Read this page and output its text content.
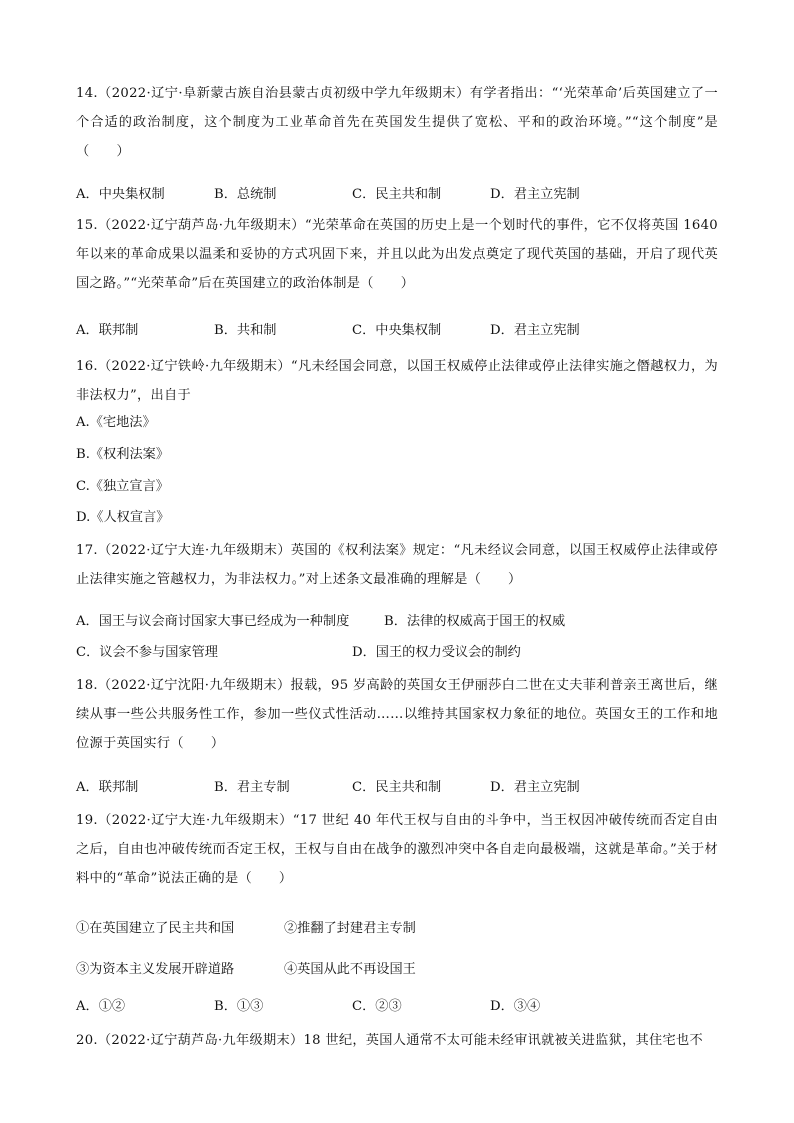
14.（2022·辽宁·阜新蒙古族自治县蒙古贞初级中学九年级期末）有学者指出：“‘光荣革命’后英国建立了一个合适的政治制度，这个制度为工业革命首先在英国发生提供了宽松、平和的政治环境。”“这个制度”是（　　）
A．中央集权制	B．总统制	C．民主共和制	D．君主立宪制
15.（2022·辽宁葫芦岛·九年级期末）“光荣革命在英国的历史上是一个划时代的事件，它不仅将英国 1640 年以来的革命成果以温柔和妥协的方式巩固下来，并且以此为出发点奠定了现代英国的基础，开启了现代英国之路。”“光荣革命”后在英国建立的政治体制是（　　）
A．联邦制	B．共和制	C．中央集权制	D．君主立宪制
16.（2022·辽宁铁岭·九年级期末）“凡未经国会同意，以国王权威停止法律或停止法律实施之僭越权力，为非法权力”，出自于
A.《宅地法》
B.《权利法案》
C.《独立宣言》
D.《人权宣言》
17.（2022·辽宁大连·九年级期末）英国的《权利法案》规定：“凡未经议会同意，以国王权威停止法律或停止法律实施之管越权力，为非法权力。”对上述条文最准确的理解是（　　）
A．国王与议会商讨国家大事已经成为一种制度	B．法律的权威高于国王的权威
C．议会不参与国家管理	D．国王的权力受议会的制约
18.（2022·辽宁沈阳·九年级期末）报载，95 岁高龄的英国女王伊丽莎白二世在丈夫菲利普亲王离世后，继续从事一些公共服务性工作，参加一些仪式性活动……以维持其国家权力象征的地位。英国女王的工作和地位源于英国实行（　　）
A．联邦制	B．君主专制	C．民主共和制	D．君主立宪制
19.（2022·辽宁大连·九年级期末）“17 世纪 40 年代王权与自由的斗争中，当王权因冲破传统而否定自由之后，自由也冲破传统而否定王权，王权与自由在战争的激烈冲突中各自走向最极端，这就是革命。”关于材料中的“革命”说法正确的是（　　）
①在英国建立了民主共和国	②推翻了封建君主专制
③为资本主义发展开辟道路	④英国从此不再设国王
A．①②	B．①③	C．②③	D．③④
20.（2022·辽宁葫芦岛·九年级期末）18 世纪，英国人通常不太可能未经审讯就被关进监狱，其住宅也不
